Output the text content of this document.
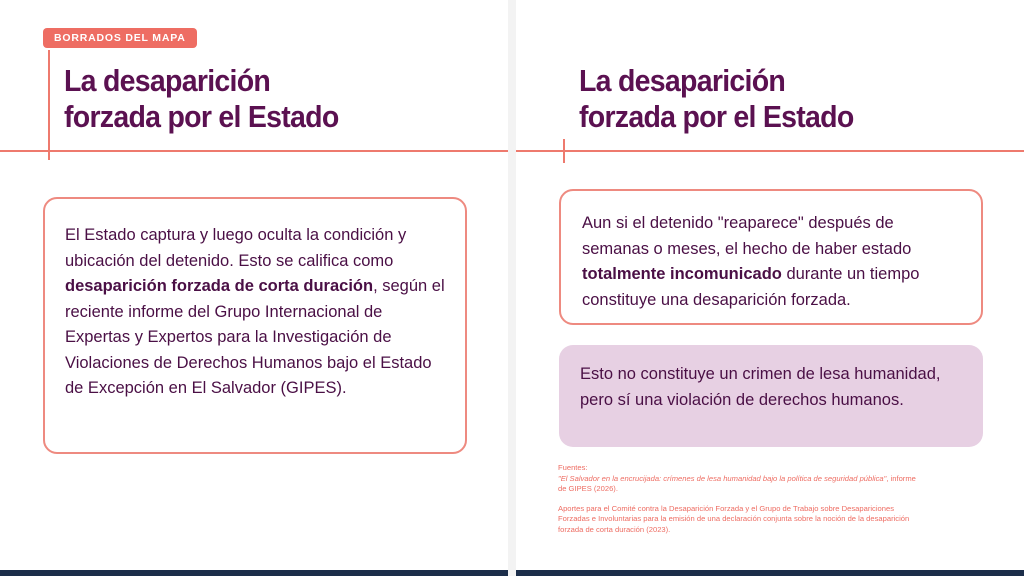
BORRADOS DEL MAPA
La desaparición
forzada por el Estado
El Estado captura y luego oculta la condición y ubicación del detenido. Esto se califica como desaparición forzada de corta duración, según el reciente informe del Grupo Internacional de Expertas y Expertos para la Investigación de Violaciones de Derechos Humanos bajo el Estado de Excepción en El Salvador (GIPES).
La desaparición
forzada por el Estado
Aun si el detenido "reaparece" después de semanas o meses, el hecho de haber estado totalmente incomunicado durante un tiempo constituye una desaparición forzada.
Esto no constituye un crimen de lesa humanidad, pero sí una violación de derechos humanos.

Fuentes:

"El Salvador en la encrucijada: crímenes de lesa humanidad bajo la política de seguridad pública", informe de GIPES (2026).

Aportes para el Comité contra la Desaparición Forzada y el Grupo de Trabajo sobre Desapariciones Forzadas e Involuntarias para la emisión de una declaración conjunta sobre la noción de la desaparición forzada de corta duración (2023).
